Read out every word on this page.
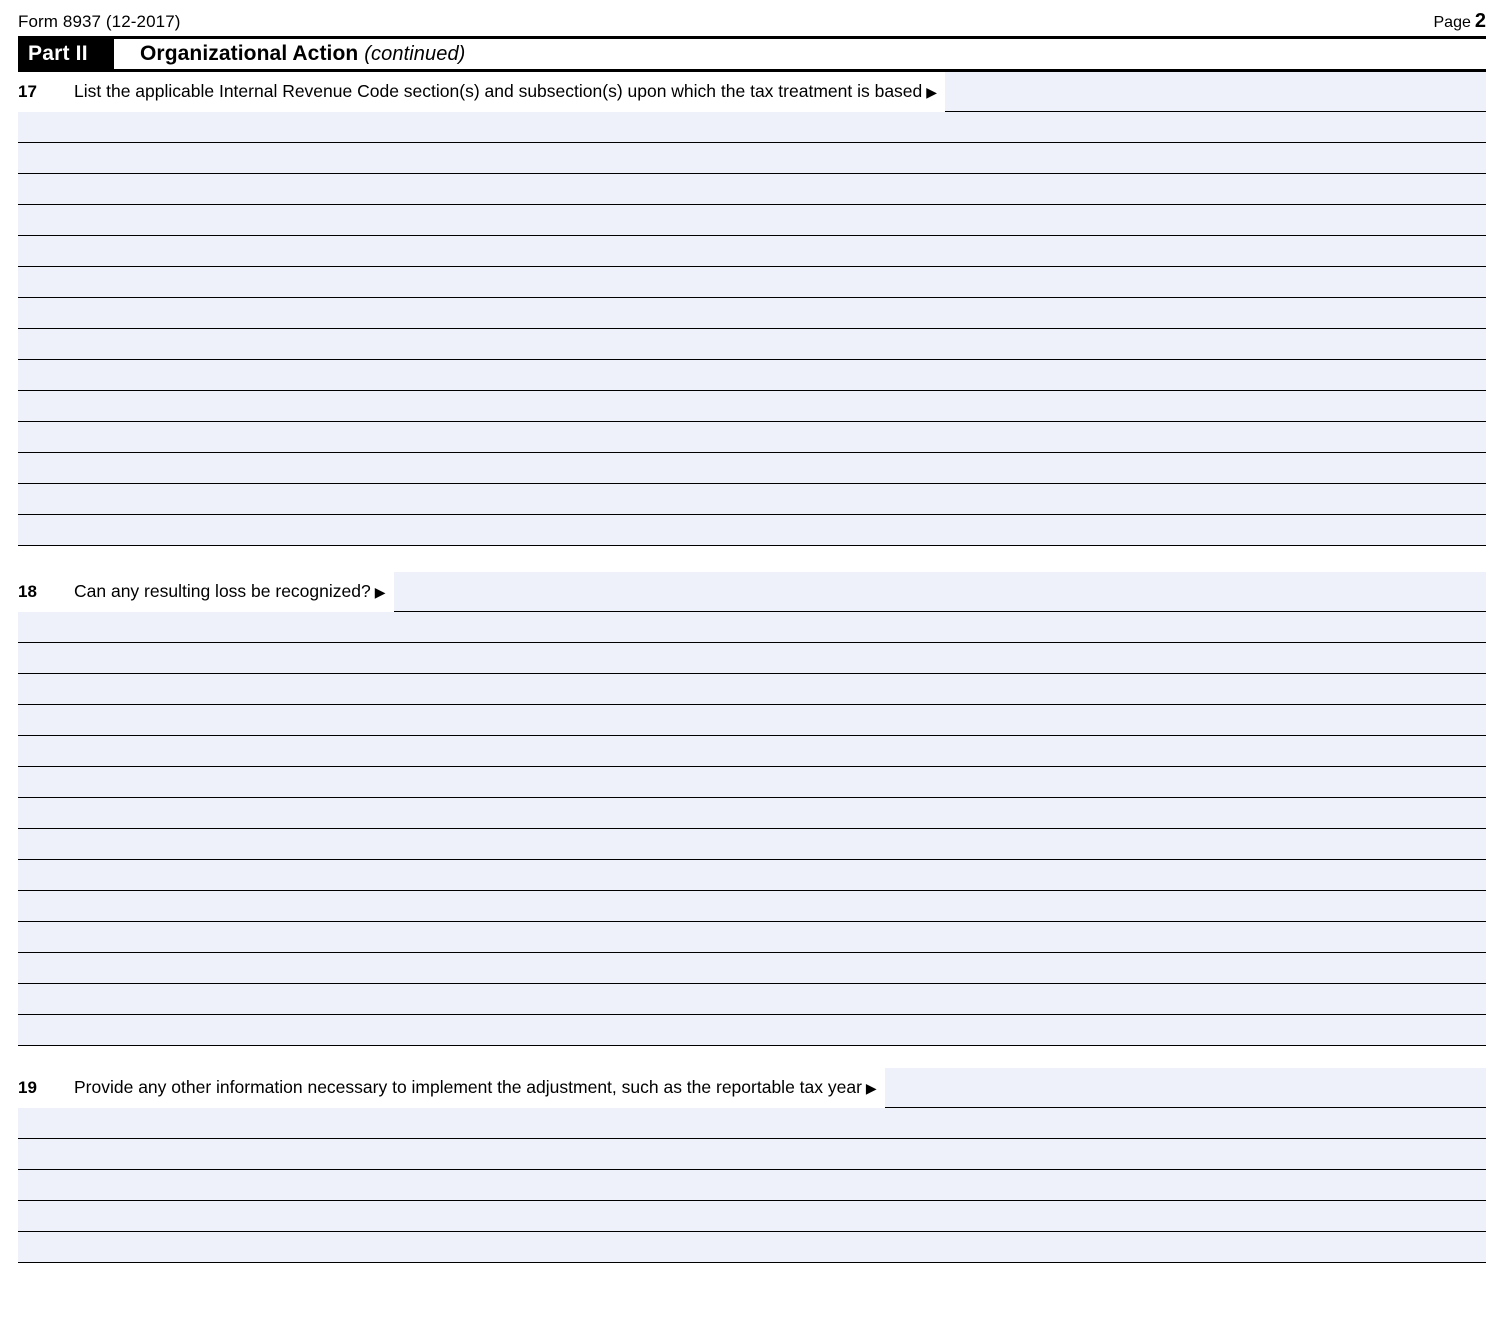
Form 8937 (12-2017)	Page 2
Part II	Organizational Action (continued)
17	List the applicable Internal Revenue Code section(s) and subsection(s) upon which the tax treatment is based ▶
18	Can any resulting loss be recognized? ▶
19	Provide any other information necessary to implement the adjustment, such as the reportable tax year ▶
